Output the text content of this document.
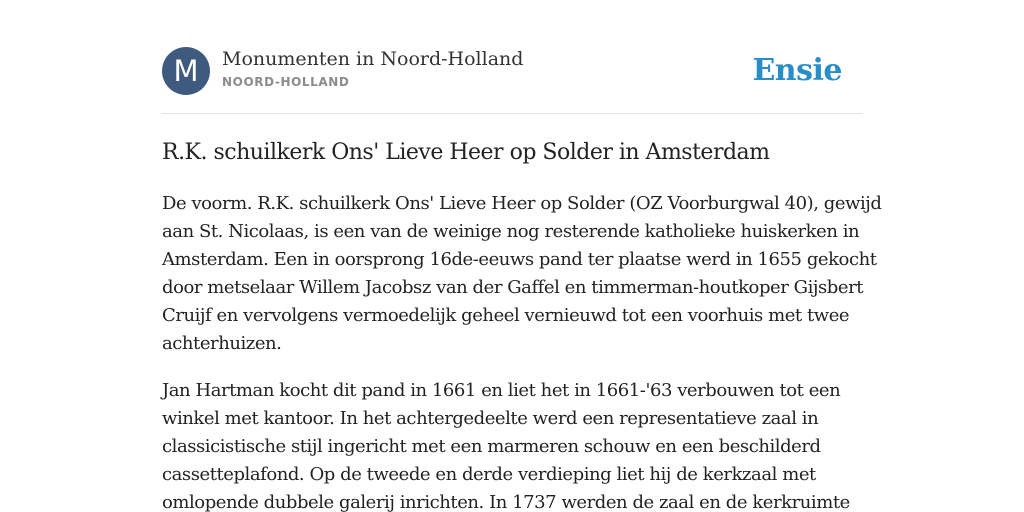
M	Monumenten in Noord-Holland
NOORD-HOLLAND	Ensie
R.K. schuilkerk Ons' Lieve Heer op Solder in Amsterdam

De voorm. R.K. schuilkerk Ons' Lieve Heer op Solder (OZ Voorburgwal 40), gewijd
aan St. Nicolaas, is een van de weinige nog resterende katholieke huiskerken in
Amsterdam. Een in oorsprong 16de-eeuws pand ter plaatse werd in 1655 gekocht
door metselaar Willem Jacobsz van der Gaffel en timmerman-houtkoper Gijsbert
Cruijf en vervolgens vermoedelijk geheel vernieuwd tot een voorhuis met twee
achterhuizen.

Jan Hartman kocht dit pand in 1661 en liet het in 1661-'63 verbouwen tot een
winkel met kantoor. In het achtergedeelte werd een representatieve zaal in
classicistische stijl ingericht met een marmeren schouw en een beschilderd
cassetteplafond. Op de tweede en derde verdieping liet hij de kerkzaal met
omlopende dubbele galerij inrichten. In 1737 werden de zaal en de kerkruimte
